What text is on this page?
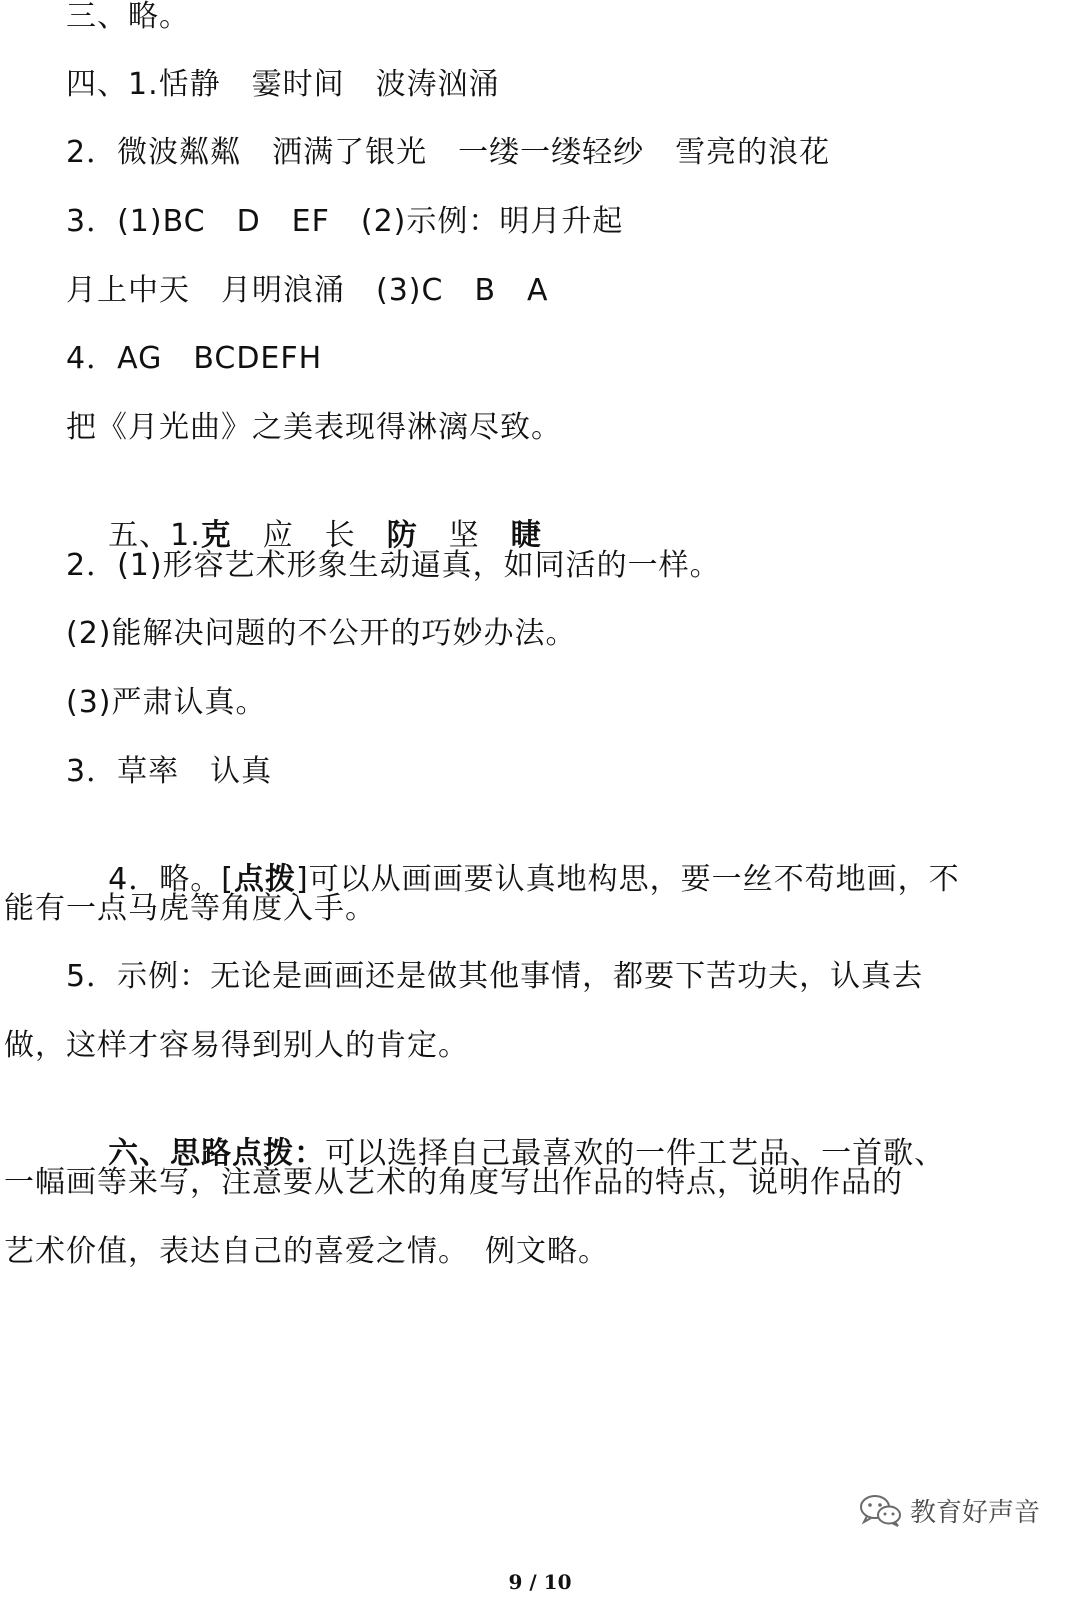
三、略。
四、1.恬静　霎时间　波涛汹涌
2．微波粼粼　洒满了银光　一缕一缕轻纱　雪亮的浪花
3．(1)BC　D　EF　(2)示例：明月升起
月上中天　月明浪涌　(3)C　B　A
4．AG　BCDEFH
把《月光曲》之美表现得淋漓尽致。

五、1.克　 应　 长　 防　 坚　 睫

2．(1)形容艺术形象生动逼真，如同活的一样。
(2)能解决问题的不公开的巧妙办法。
(3)严肃认真。
3．草率　认真

4．略。[点拨]可以从画画要认真地构思，要一丝不苟地画，不

能有一点马虎等角度入手。
5．示例：无论是画画还是做其他事情，都要下苦功夫，认真去
做，这样才容易得到别人的肯定。

六、思路点拨：可以选择自己最喜欢的一件工艺品、一首歌、

一幅画等来写，注意要从艺术的角度写出作品的特点，说明作品的
艺术价值，表达自己的喜爱之情。　例文略。
教育好声音
9 / 10
